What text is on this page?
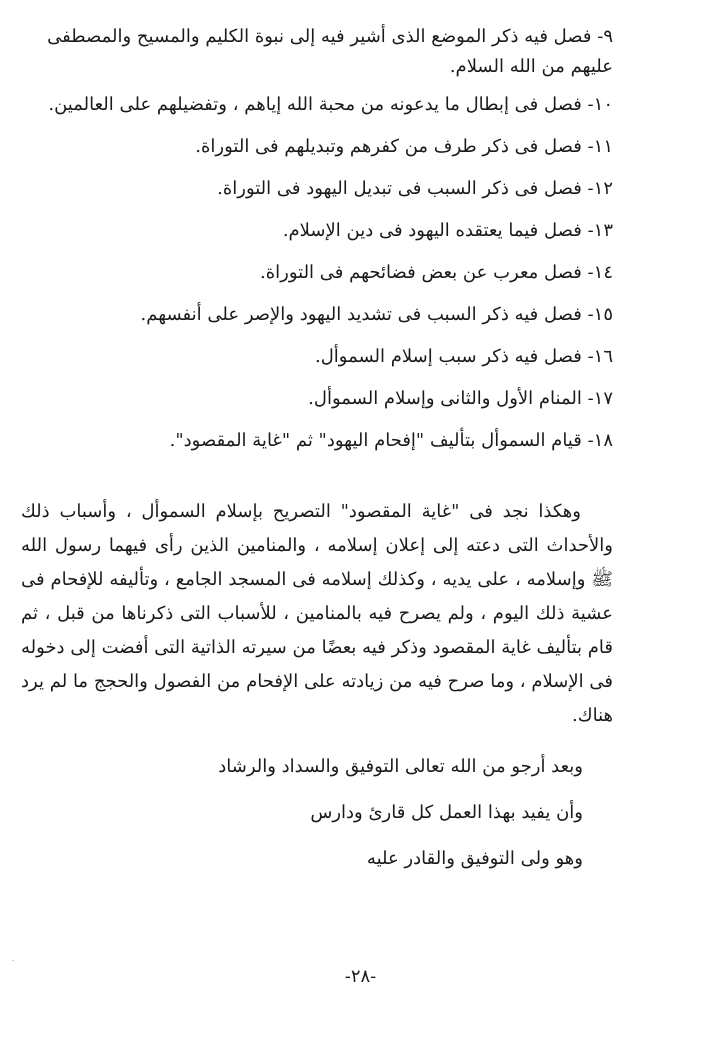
٩- فصل فيه ذكر الموضع الذى أشير فيه إلى نبوة الكليم والمسيح والمصطفى عليهم من الله السلام.
١٠- فصل فى إبطال ما يدعونه من محبة الله إياهم ، وتفضيلهم على العالمين.
١١- فصل فى ذكر طرف من كفرهم وتبديلهم فى التوراة.
١٢- فصل فى ذكر السبب فى تبديل اليهود فى التوراة.
١٣- فصل فيما يعتقده اليهود فى دين الإسلام.
١٤- فصل معرب عن بعض فضائحهم فى التوراة.
١٥- فصل فيه ذكر السبب فى تشديد اليهود والإصر على أنفسهم.
١٦- فصل فيه ذكر سبب إسلام السموأل.
١٧- المنام الأول والثانى وإسلام السموأل.
١٨- قيام السموأل بتأليف "إفحام اليهود" ثم "غاية المقصود".

وهكذا نجد فى "غاية المقصود" التصريح بإسلام السموأل ، وأسباب ذلك والأحداث التى دعته إلى إعلان إسلامه ، والمنامين الذين رأى فيهما رسول الله ﷺ وإسلامه ، على يديه ، وكذلك إسلامه فى المسجد الجامع ، وتأليفه للإفحام فى عشية ذلك اليوم ، ولم يصرح فيه بالمنامين ، للأسباب التى ذكرناها من قبل ، ثم قام بتأليف غاية المقصود وذكر فيه بعضًا من سيرته الذاتية التى أفضت إلى دخوله فى الإسلام ، وما صرح فيه من زيادته على الإفحام من الفصول والحجج ما لم يرد هناك.

وبعد أرجو من الله تعالى التوفيق والسداد والرشاد
وأن يفيد بهذا العمل كل قارئ ودارس
وهو ولى التوفيق والقادر عليه
-٢٨-
